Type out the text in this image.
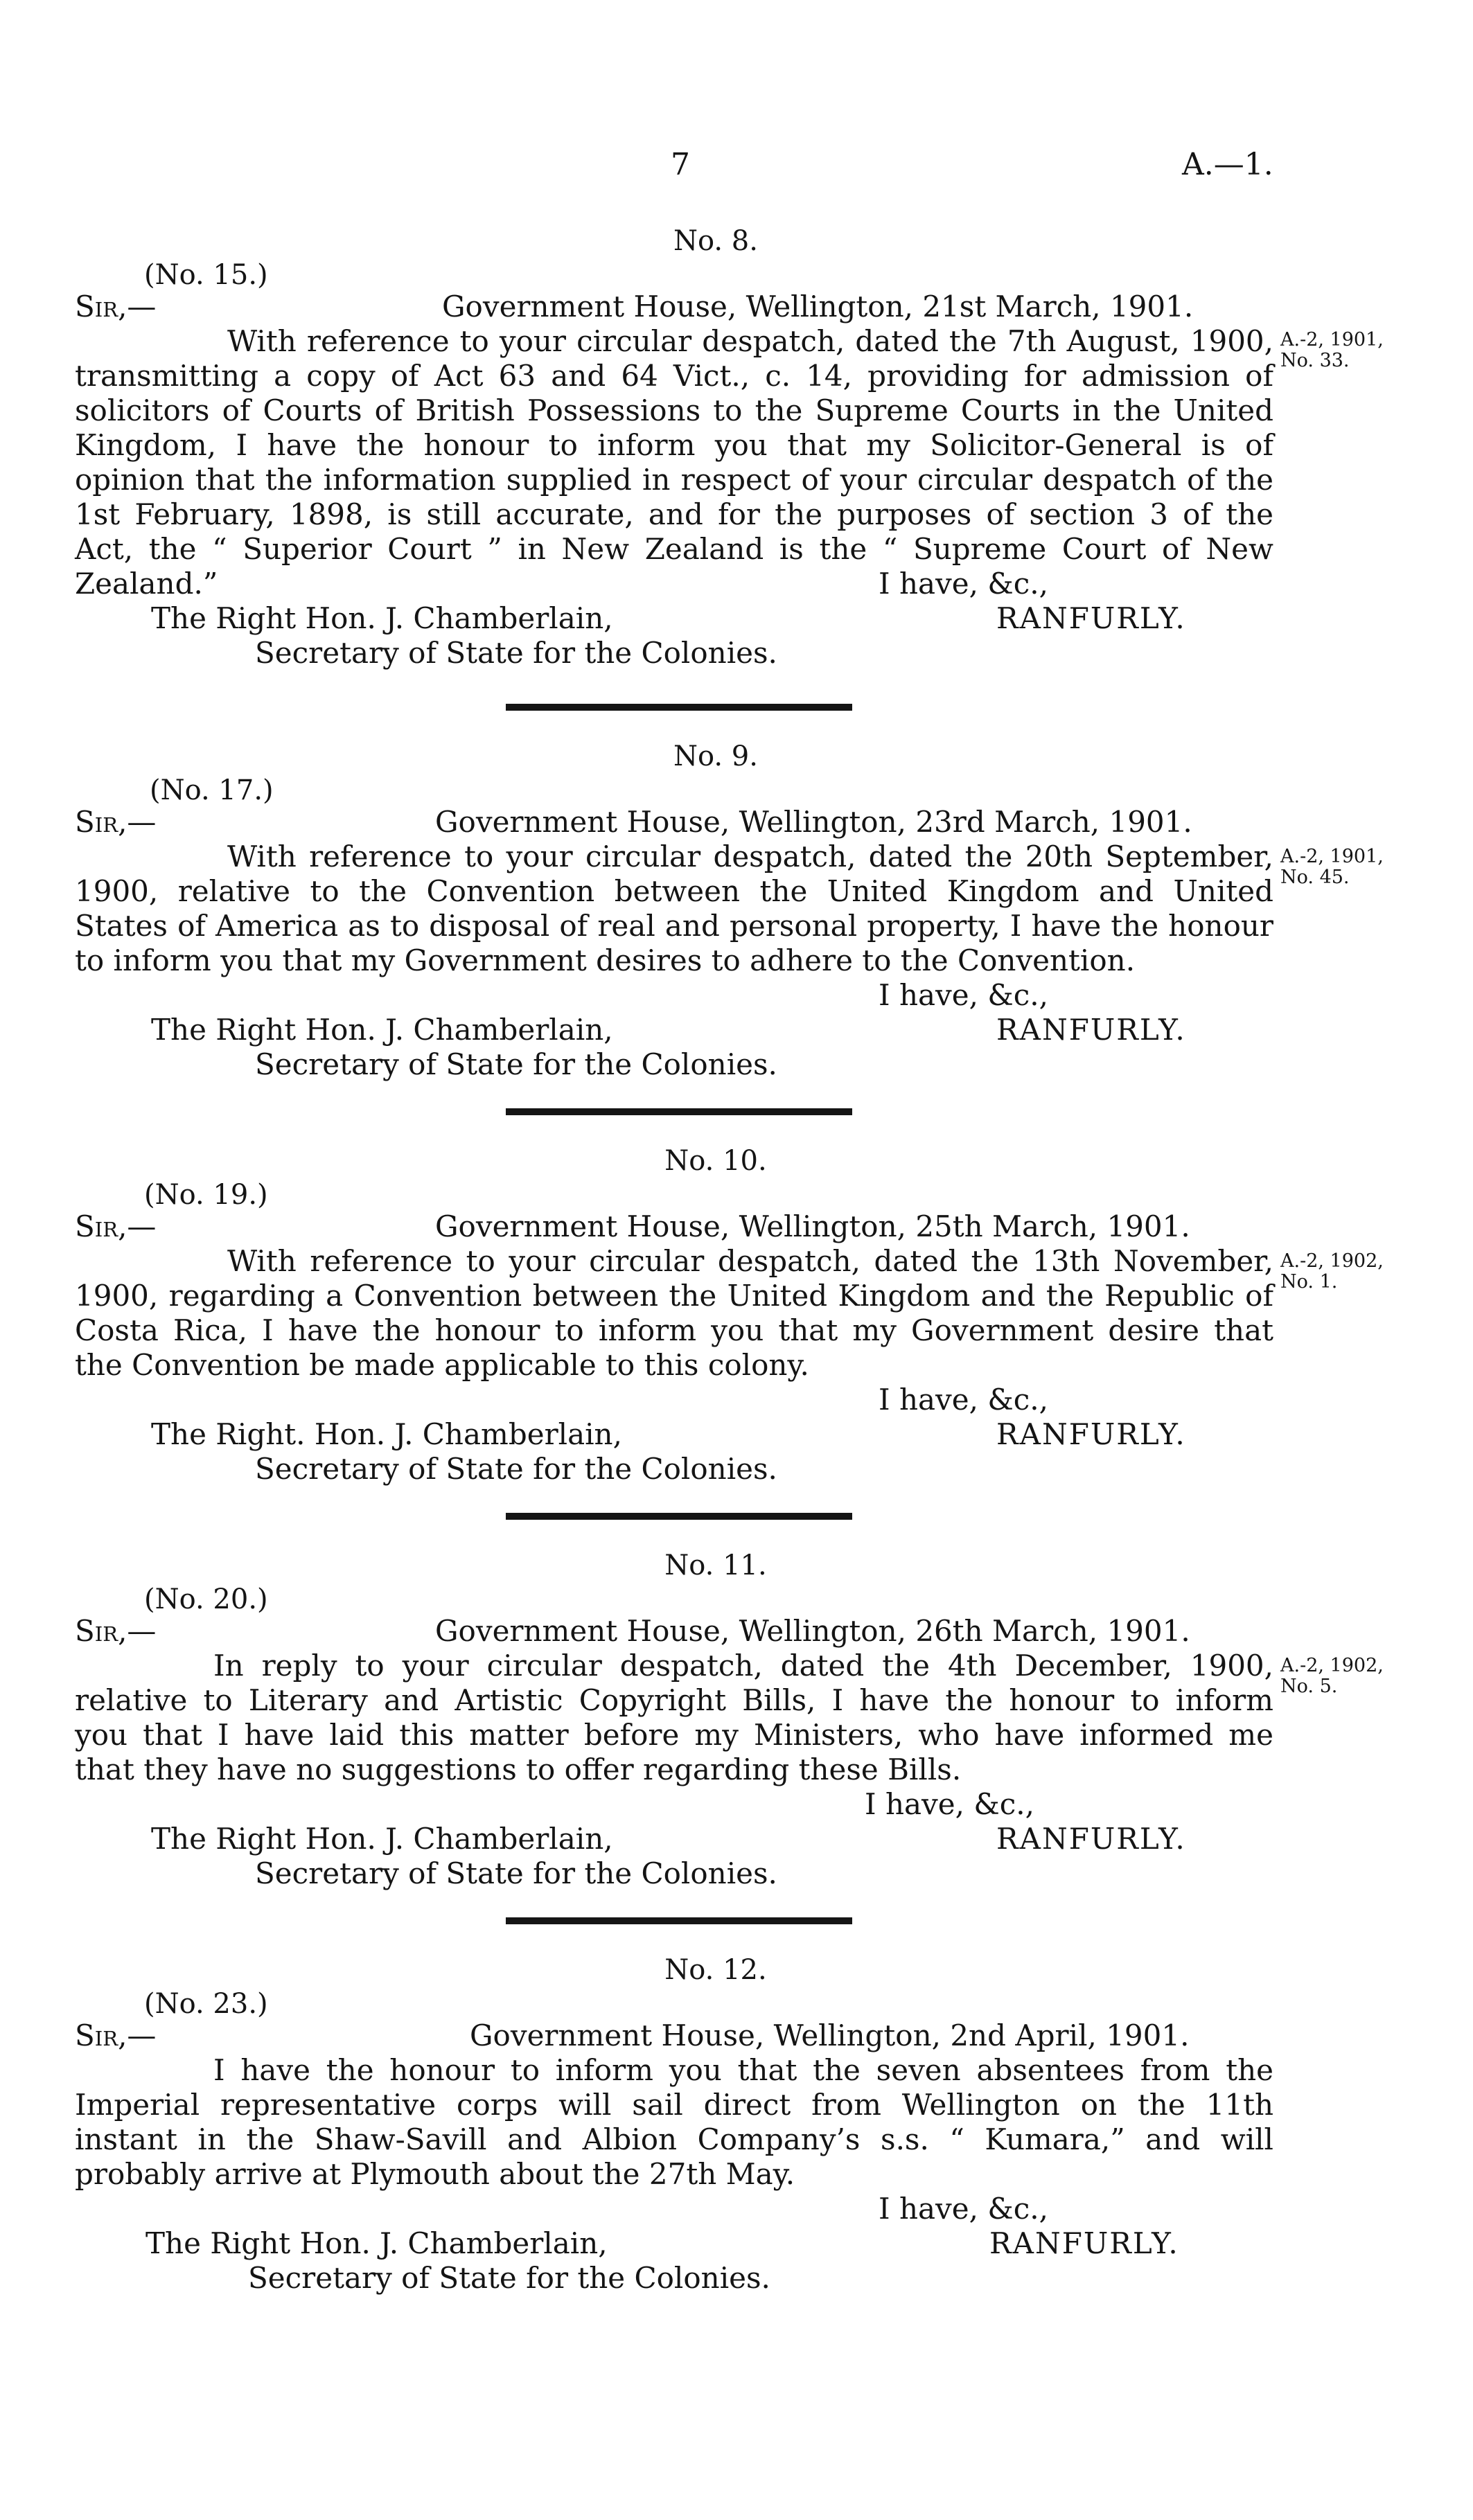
7	A.—1.
No. 8.
(No. 15.)
Sir,—	Government House, Wellington, 21st March, 1901.
With reference to your circular despatch, dated the 7th August, 1900,
transmitting a copy of Act 63 and 64 Vict., c. 14, providing for admission of
solicitors of Courts of British Possessions to the Supreme Courts in the United
Kingdom, I have the honour to inform you that my Solicitor-General is of
opinion that the information supplied in respect of your circular despatch of the
1st February, 1898, is still accurate, and for the purposes of section 3 of the
Act, the “ Superior Court ” in New Zealand is the “ Supreme Court of New
Zealand.”	I have, &c.,
The Right Hon. J. Chamberlain,	RANFURLY.
Secretary of State for the Colonies.
A.-2, 1901,
No. 33.
No. 9.
(No. 17.)
Sir,—	Government House, Wellington, 23rd March, 1901.
With reference to your circular despatch, dated the 20th September,
1900, relative to the Convention between the United Kingdom and United
States of America as to disposal of real and personal property, I have the honour
to inform you that my Government desires to adhere to the Convention.
I have, &c.,
The Right Hon. J. Chamberlain,	RANFURLY.
Secretary of State for the Colonies.
A.-2, 1901,
No. 45.
No. 10.
(No. 19.)
Sir,—	Government House, Wellington, 25th March, 1901.
With reference to your circular despatch, dated the 13th November,
1900, regarding a Convention between the United Kingdom and the Republic of
Costa Rica, I have the honour to inform you that my Government desire that
the Convention be made applicable to this colony.
I have, &c.,
The Right. Hon. J. Chamberlain,	RANFURLY.
Secretary of State for the Colonies.
A.-2, 1902,
No. 1.
No. 11.
(No. 20.)
Sir,—	Government House, Wellington, 26th March, 1901.
In reply to your circular despatch, dated the 4th December, 1900,
relative to Literary and Artistic Copyright Bills, I have the honour to inform
you that I have laid this matter before my Ministers, who have informed me
that they have no suggestions to offer regarding these Bills.
I have, &c.,
The Right Hon. J. Chamberlain,	RANFURLY.
Secretary of State for the Colonies.
A.-2, 1902,
No. 5.
No. 12.
(No. 23.)
Sir,—	Government House, Wellington, 2nd April, 1901.
I have the honour to inform you that the seven absentees from the
Imperial representative corps will sail direct from Wellington on the 11th
instant in the Shaw-Savill and Albion Company’s s.s. “ Kumara,” and will
probably arrive at Plymouth about the 27th May.
I have, &c.,
The Right Hon. J. Chamberlain,	RANFURLY.
Secretary of State for the Colonies.
